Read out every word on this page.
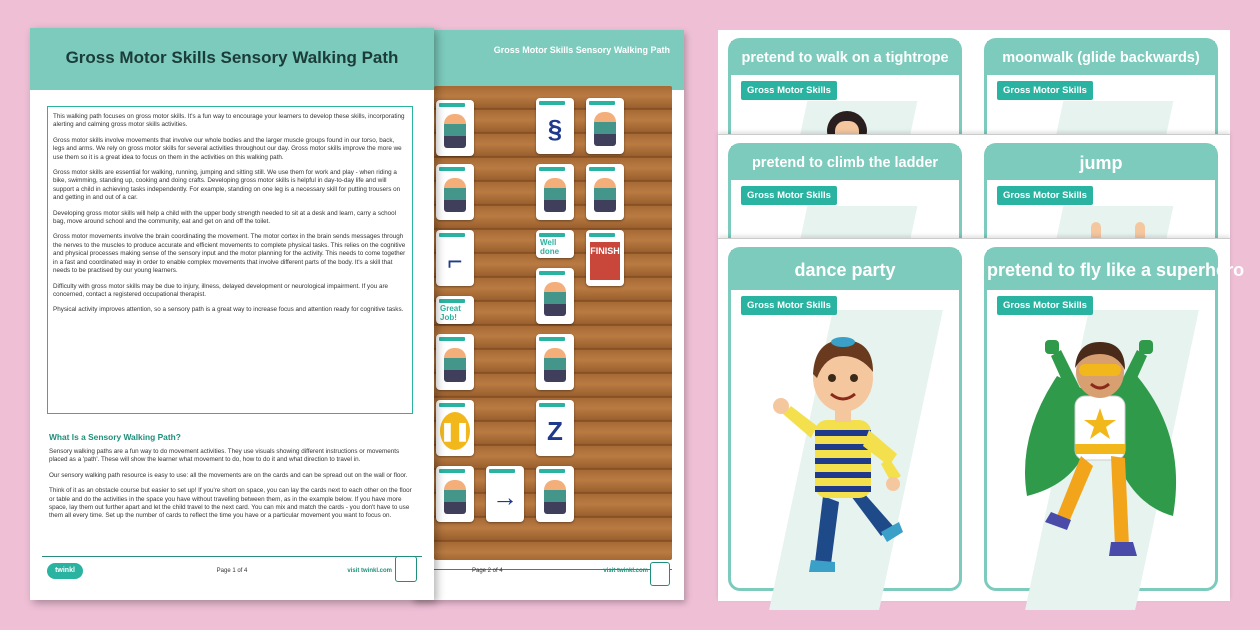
Gross Motor Skills Sensory Walking Path
§
⌐
Well done	FINISH
Great Job!
❚❚	Z
→
Page 2 of 4	visit twinkl.com
Gross Motor Skills Sensory Walking Path

This walking path focuses on gross motor skills. It's a fun way to encourage your learners to develop these skills, incorporating alerting and calming gross motor skills activities.

Gross motor skills involve movements that involve our whole bodies and the larger muscle groups found in our torso, back, legs and arms. We rely on gross motor skills for several activities throughout our day. Gross motor skills improve the more we use them so it is a great idea to focus on them in the activities on this walking path.

Gross motor skills are essential for walking, running, jumping and sitting still. We use them for work and play - when riding a bike, swimming, standing up, cooking and doing crafts. Developing gross motor skills is helpful in day-to-day life and will support a child in achieving tasks independently. For example, standing on one leg is a necessary skill for putting trousers on and getting in and out of a car.

Developing gross motor skills will help a child with the upper body strength needed to sit at a desk and learn, carry a school bag, move around school and the community, eat and get on and off the toilet.

Gross motor movements involve the brain coordinating the movement. The motor cortex in the brain sends messages through the nerves to the muscles to produce accurate and efficient movements to complete physical tasks. This relies on the cognitive and physical processes making sense of the sensory input and the motor planning for the activity. This needs to come together in a fast and coordinated way in order to enable complex movements that involve different parts of the body. It's a skill that needs to be practised by our young learners.

Difficulty with gross motor skills may be due to injury, illness, delayed development or neurological impairment. If you are concerned, contact a registered occupational therapist.

Physical activity improves attention, so a sensory path is a great way to increase focus and attention ready for cognitive tasks.

What Is a Sensory Walking Path?

Sensory walking paths are a fun way to do movement activities. They use visuals showing different instructions or movements placed as a 'path'. These will show the learner what movement to do, how to do it and what direction to travel in.

Our sensory walking path resource is easy to use: all the movements are on the cards and can be spread out on the wall or floor.

Think of it as an obstacle course but easier to set up! If you're short on space, you can lay the cards next to each other on the floor or table and do the activities in the space you have without travelling between them, as in the example below. If you have more space, lay them out further apart and let the child travel to the next card. You can mix and match the cards - you don't have to use them all every time. Set up the number of cards to reflect the time you have or a particular movement you want to focus on.

twinkl	Page 1 of 4	visit twinkl.com
pretend to walk on a tightrope
Gross Motor Skills
moonwalk (glide backwards)
Gross Motor Skills
pretend to climb the ladder
Gross Motor Skills
jump
Gross Motor Skills
dance party
Gross Motor Skills
pretend to fly like a superhero
Gross Motor Skills
